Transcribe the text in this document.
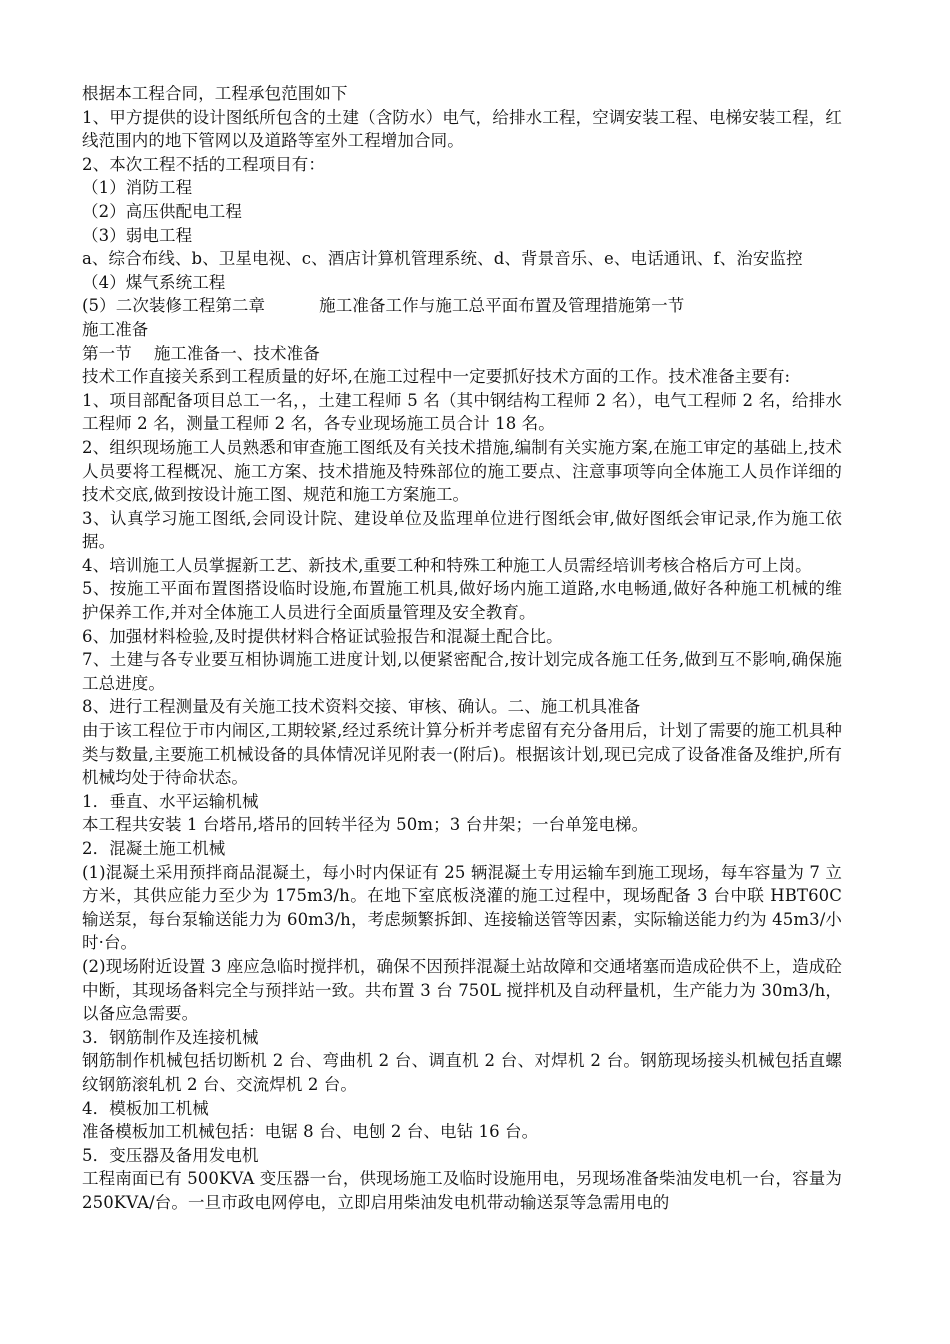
根据本工程合同，工程承包范围如下

1、甲方提供的设计图纸所包含的土建（含防水）电气，给排水工程，空调安装工程、电梯安装工程，红线范围内的地下管网以及道路等室外工程增加合同。

2、本次工程不括的工程项目有：

（1）消防工程

（2）高压供配电工程

（3）弱电工程

a、综合布线、b、卫星电视、c、酒店计算机管理系统、d、背景音乐、e、电话通讯、f、治安监控

（4）煤气系统工程

(5）二次装修工程第二章	施工准备工作与施工总平面布置及管理措施第一节
施工准备

第一节 施工准备一、技术准备

技术工作直接关系到工程质量的好坏,在施工过程中一定要抓好技术方面的工作。技术准备主要有:

1、项目部配备项目总工一名，，土建工程师 5 名（其中钢结构工程师 2 名），电气工程师 2 名，给排水工程师 2 名，测量工程师 2 名，各专业现场施工员合计 18 名。

2、组织现场施工人员熟悉和审查施工图纸及有关技术措施,编制有关实施方案,在施工审定的基础上,技术人员要将工程概况、施工方案、技术措施及特殊部位的施工要点、注意事项等向全体施工人员作详细的技术交底,做到按设计施工图、规范和施工方案施工。

3、认真学习施工图纸,会同设计院、建设单位及监理单位进行图纸会审,做好图纸会审记录,作为施工依据。

4、培训施工人员掌握新工艺、新技术,重要工种和特殊工种施工人员需经培训考核合格后方可上岗。

5、按施工平面布置图搭设临时设施,布置施工机具,做好场内施工道路,水电畅通,做好各种施工机械的维护保养工作,并对全体施工人员进行全面质量管理及安全教育。

6、加强材料检验,及时提供材料合格证试验报告和混凝土配合比。

7、土建与各专业要互相协调施工进度计划,以便紧密配合,按计划完成各施工任务,做到互不影响,确保施工总进度。

8、进行工程测量及有关施工技术资料交接、审核、确认。二、施工机具准备

由于该工程位于市内闹区,工期较紧,经过系统计算分析并考虑留有充分备用后，计划了需要的施工机具种类与数量,主要施工机械设备的具体情况详见附表一(附后)。根据该计划,现已完成了设备准备及维护,所有机械均处于待命状态。

1．垂直、水平运输机械

本工程共安装 1 台塔吊,塔吊的回转半径为 50m；3 台井架；一台单笼电梯。

2．混凝土施工机械

(1)混凝土采用预拌商品混凝土，每小时内保证有 25 辆混凝土专用运输车到施工现场，每车容量为 7 立方米，其供应能力至少为 175m3/h。在地下室底板浇灌的施工过程中，现场配备 3 台中联 HBT60C 输送泵，每台泵输送能力为 60m3/h，考虑频繁拆卸、连接输送管等因素，实际输送能力约为 45m3/小时·台。

(2)现场附近设置 3 座应急临时搅拌机，确保不因预拌混凝土站故障和交通堵塞而造成砼供不上，造成砼中断，其现场备料完全与预拌站一致。共布置 3 台 750L 搅拌机及自动秤量机，生产能力为 30m3/h，以备应急需要。

3．钢筋制作及连接机械

钢筋制作机械包括切断机 2 台、弯曲机 2 台、调直机 2 台、对焊机 2 台。钢筋现场接头机械包括直螺纹钢筋滚轧机 2 台、交流焊机 2 台。

4．模板加工机械

准备模板加工机械包括：电锯 8 台、电刨 2 台、电钻 16 台。

5．变压器及备用发电机

工程南面已有 500KVA 变压器一台，供现场施工及临时设施用电，另现场准备柴油发电机一台，容量为 250KVA/台。一旦市政电网停电，立即启用柴油发电机带动输送泵等急需用电的
